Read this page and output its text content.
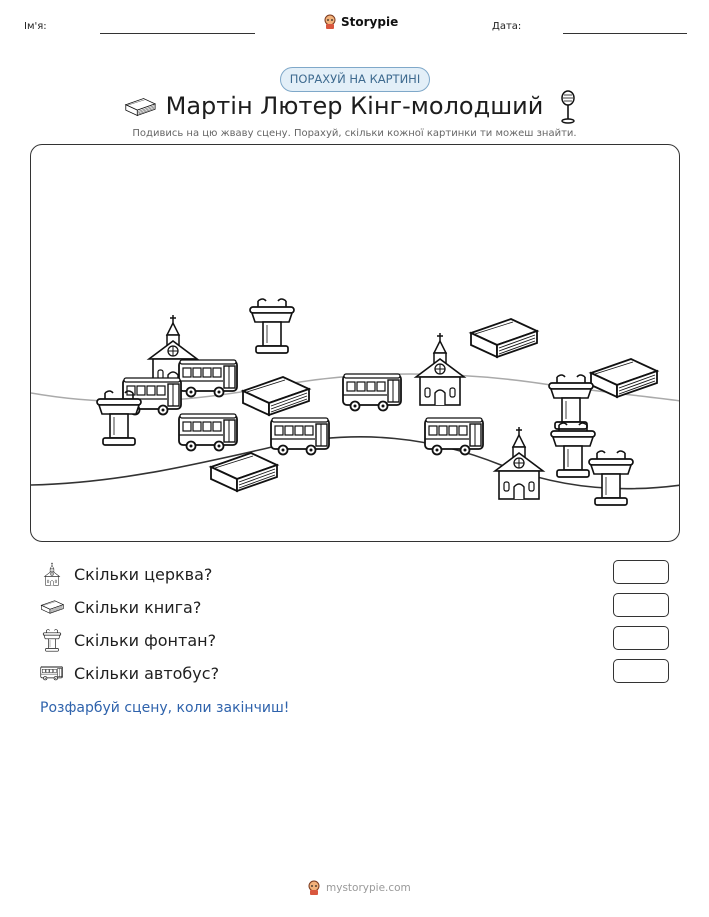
Ім'я:	Storypie	Дата:
ПОРАХУЙ НА КАРТИНІ
Мартін Лютер Кінг-молодший
Подивись на цю жваву сцену. Порахуй, скільки кожної картинки ти можеш знайти.
Скільки церква?
Скільки книга?
Скільки фонтан?
Скільки автобус?
Розфарбуй сцену, коли закінчиш!
mystorypie.com
